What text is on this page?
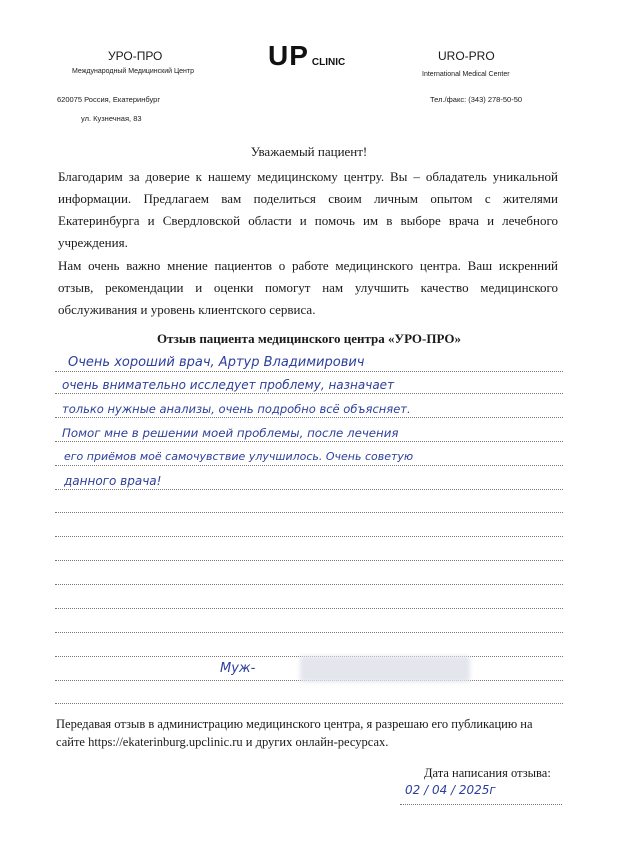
УРО-ПРО
Международный Медицинский Центр
UP CLINIC	URO-PRO
International Medical Center
620075 Россия, Екатеринбург
ул. Кузнечная, 83
Тел./факс: (343) 278-50-50
Уважаемый пациент!
Благодарим за доверие к нашему медицинскому центру. Вы – обладатель уникальной информации. Предлагаем вам поделиться своим личным опытом с жителями Екатеринбурга и Свердловской области и помочь им в выборе врача и лечебного учреждения.
Нам очень важно мнение пациентов о работе медицинского центра. Ваш искренний отзыв, рекомендации и оценки помогут нам улучшить качество медицинского обслуживания и уровень клиентского сервиса.
Отзыв пациента медицинского центра «УРО-ПРО»
Очень хороший врач, Артур Владимирович
очень внимательно исследует проблему, назначает
только нужные анализы, очень подробно всё объясняет.
Помог мне в решении моей проблемы, после лечения
его приёмов моё самочувствие улучшилось. Очень советую
данного врача!
Муж-
Передавая отзыв в администрацию медицинского центра, я разрешаю его публикацию на сайте https://ekaterinburg.upclinic.ru и других онлайн-ресурсах.
Дата написания отзыва:
02 / 04 / 2025г
